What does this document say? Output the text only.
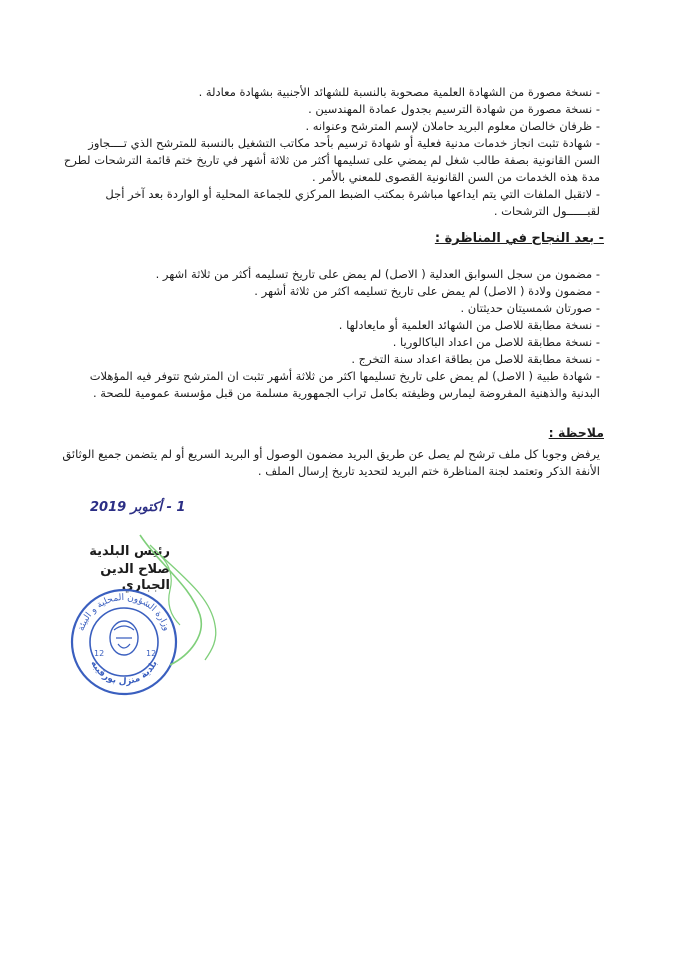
- نسخة مصورة من الشهادة العلمية مصحوبة بالنسبة للشهائد الأجنبية بشهادة معادلة .

- نسخة مصورة من شهادة الترسيم بجدول عمادة المهندسين .

- ظرفان خالصان معلوم البريد حاملان لإسم المترشح وعنوانه .

- شهادة تثبت انجاز خدمات مدنية فعلية أو شهادة ترسيم بأحد مكاتب التشغيل بالنسبة للمترشح الذي تــــجاوز السن القانونية بصفة طالب شغل لم يمضي على تسليمها أكثر من ثلاثة أشهر في تاريخ ختم قائمة الترشحات لطرح مدة هذه الخدمات من السن القانونية القصوى للمعني بالأمر .

- لاتقبل الملفات التي يتم ايداعها مباشرة بمكتب الضبط المركزي للجماعة المحلية أو الواردة بعد آخر أجل لقبــــــول الترشحات .

- بعد النجاح في المناظرة :

- مضمون من سجل السوابق العدلية ( الاصل) لم يمض على تاريخ تسليمه أكثر من ثلاثة اشهر .

- مضمون ولادة ( الاصل) لم يمض على تاريخ تسليمه اكثر من ثلاثة أشهر .

- صورتان شمسيتان حديثتان .

- نسخة مطابقة للاصل من الشهائد العلمية أو مايعادلها .

- نسخة مطابقة للاصل من اعداد الباكالوريا .

- نسخة مطابقة للاصل من بطاقة اعداد سنة التخرج .

- شهادة طبية ( الاصل) لم يمض على تاريخ تسليمها اكثر من ثلاثة أشهر تثبت ان المترشح تتوفر فيه المؤهلات البدنية والذهنية المفروضة ليمارس وظيفته بكامل تراب الجمهورية مسلمة من قبل مؤسسة عمومية للصحة .

ملاحظة :
يرفض وجوبا كل ملف ترشح لم يصل عن طريق البريد مضمون الوصول أو البريد السريع أو لم يتضمن جميع الوثائق الأنفة الذكر وتعتمد لجنة المناظرة ختم البريد لتحديد تاريخ إرسال الملف .
1 - أكتوبر 2019
رئيس البلدية
صلاح الدين الجباري
وزارة الشؤون المحلية و البيئة
بلدية منزل بورقيبة
12	12
